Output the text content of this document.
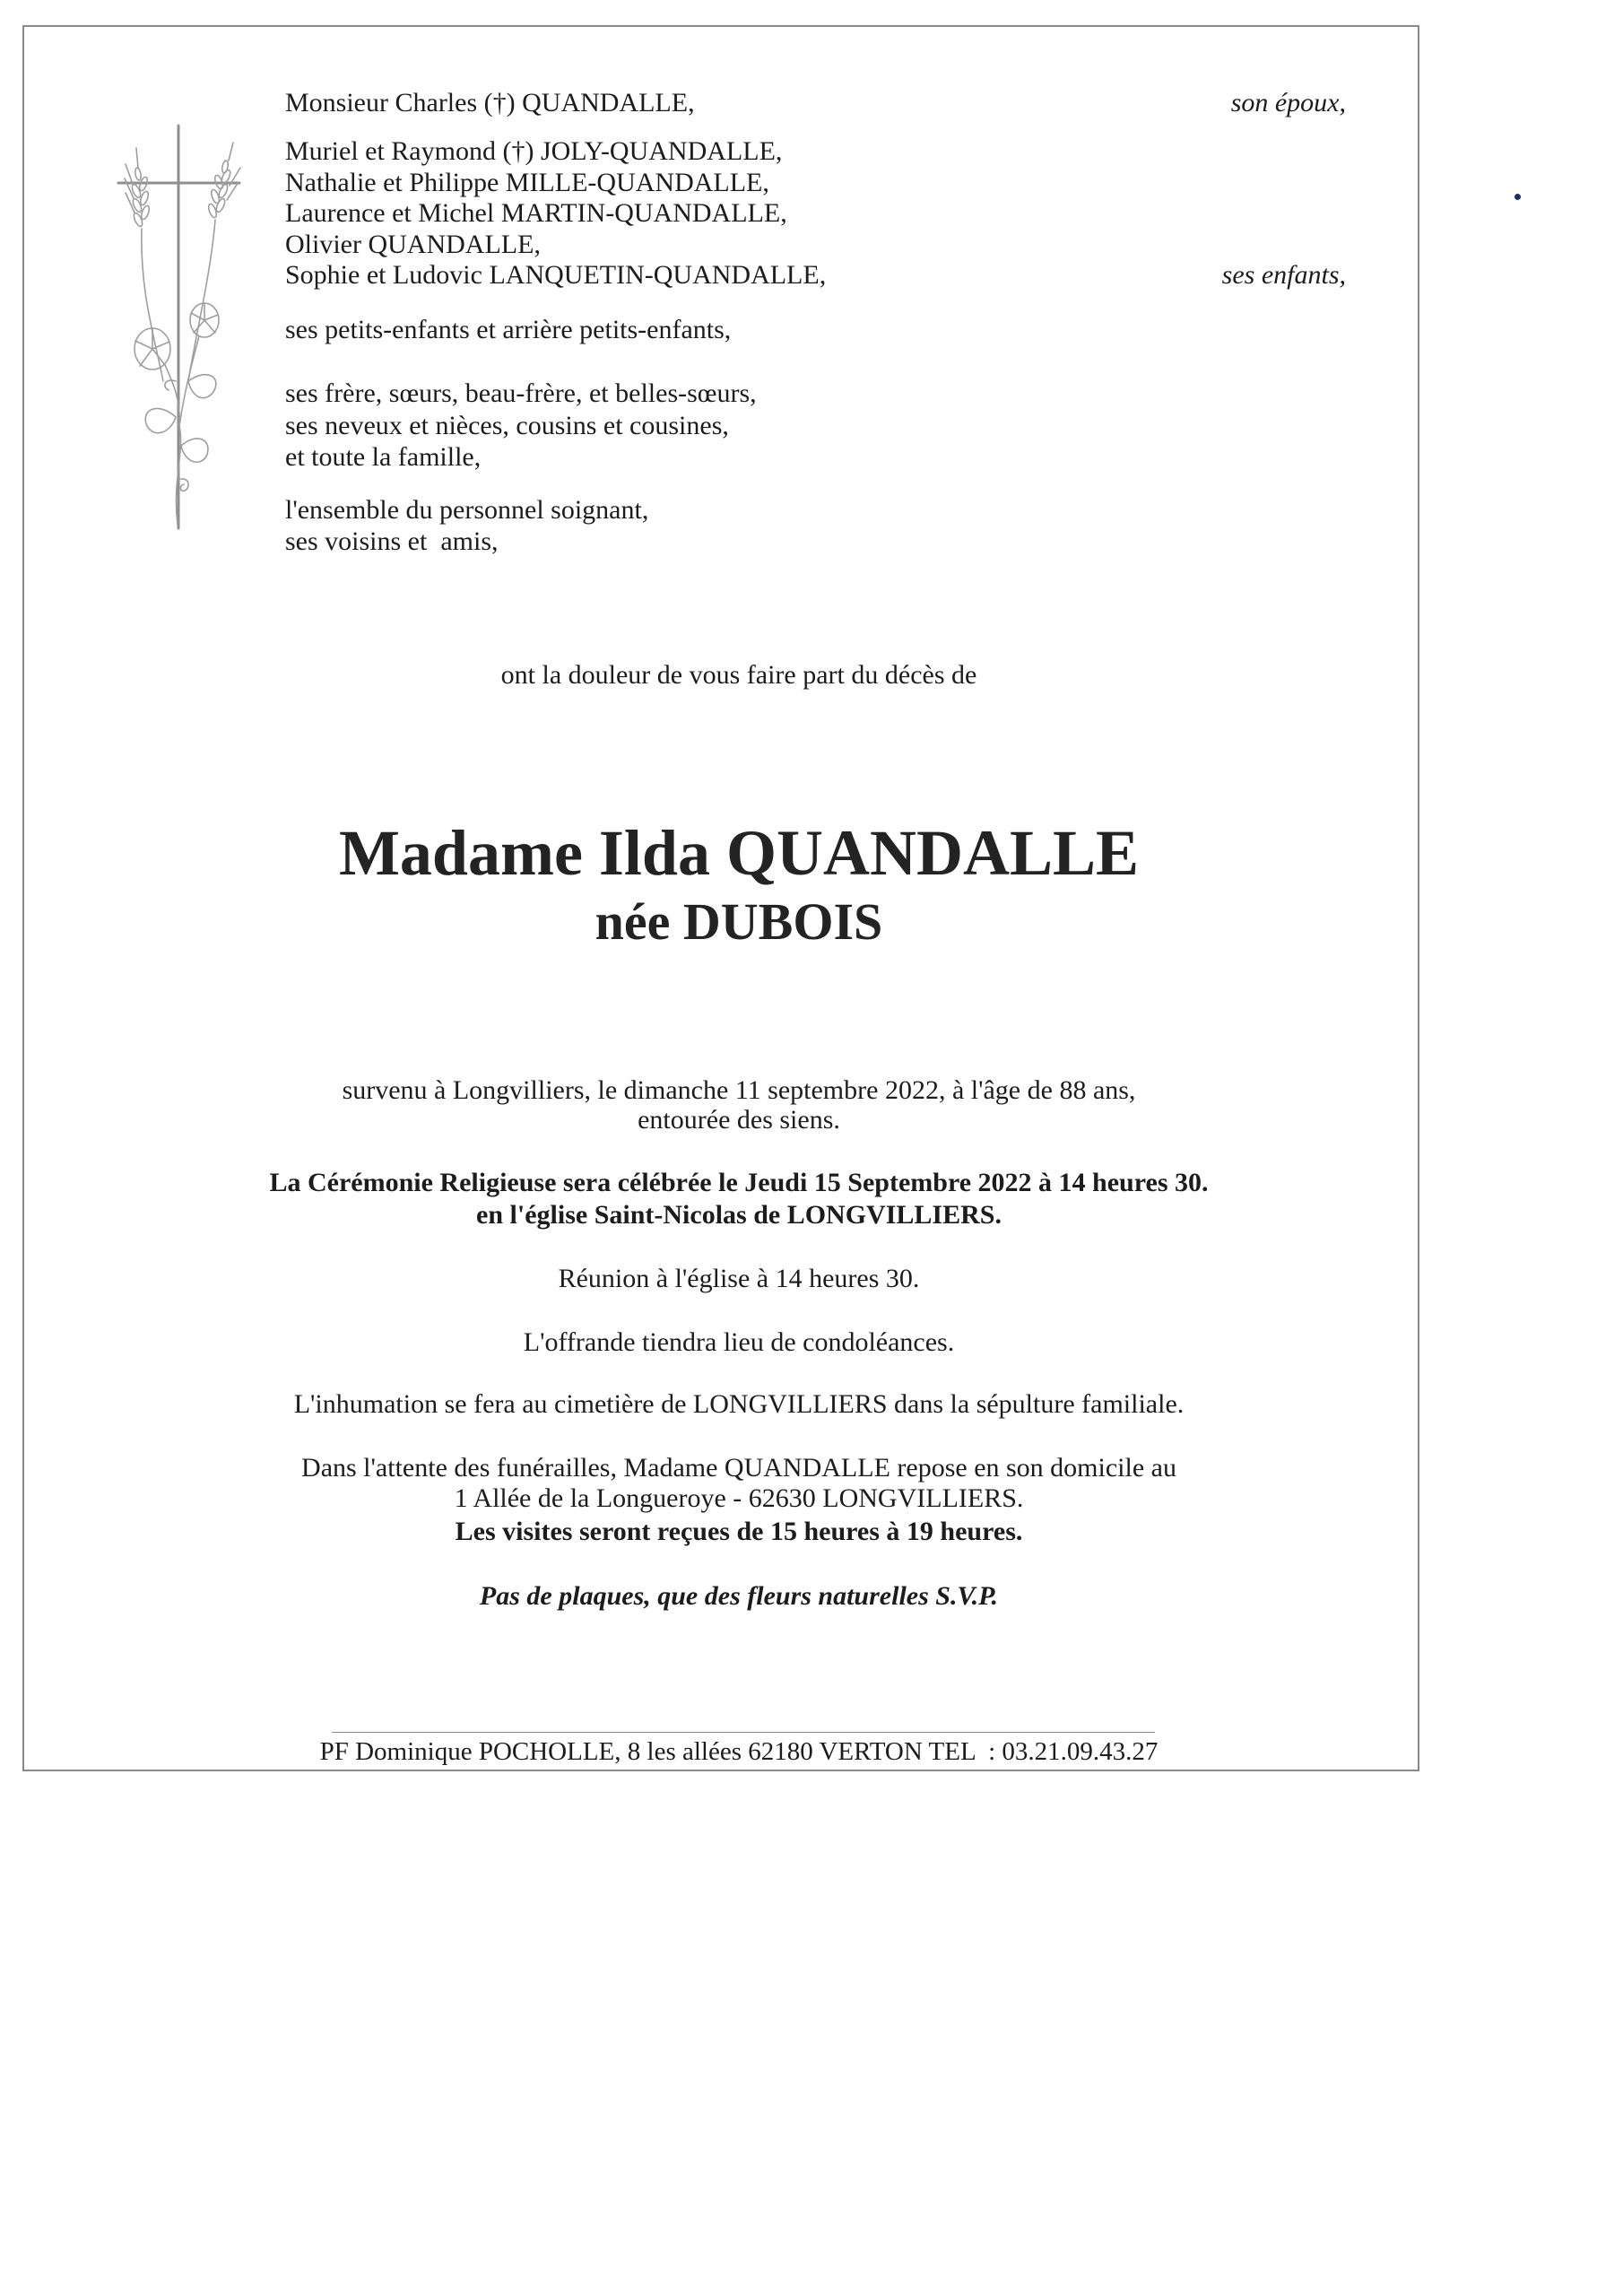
Monsieur Charles (†) QUANDALLE,	son époux,
Muriel et Raymond (†) JOLY-QUANDALLE,
Nathalie et Philippe MILLE-QUANDALLE,
Laurence et Michel MARTIN-QUANDALLE,
Olivier QUANDALLE,
Sophie et Ludovic LANQUETIN-QUANDALLE,	ses enfants,
ses petits-enfants et arrière petits-enfants,
ses frère, sœurs, beau-frère, et belles-sœurs,
ses neveux et nièces, cousins et cousines,
et toute la famille,
l'ensemble du personnel soignant,
ses voisins et  amis,
ont la douleur de vous faire part du décès de
Madame Ilda QUANDALLE
née DUBOIS
survenu à Longvilliers, le dimanche 11 septembre 2022, à l'âge de 88 ans,
entourée des siens.
La Cérémonie Religieuse sera célébrée le Jeudi 15 Septembre 2022 à 14 heures 30.
en l'église Saint-Nicolas de LONGVILLIERS.
Réunion à l'église à 14 heures 30.
L'offrande tiendra lieu de condoléances.
L'inhumation se fera au cimetière de LONGVILLIERS dans la sépulture familiale.
Dans l'attente des funérailles, Madame QUANDALLE repose en son domicile au
1 Allée de la Longueroye - 62630 LONGVILLIERS.
Les visites seront reçues de 15 heures à 19 heures.
Pas de plaques, que des fleurs naturelles S.V.P.
PF Dominique POCHOLLE, 8 les allées 62180 VERTON TEL  : 03.21.09.43.27
